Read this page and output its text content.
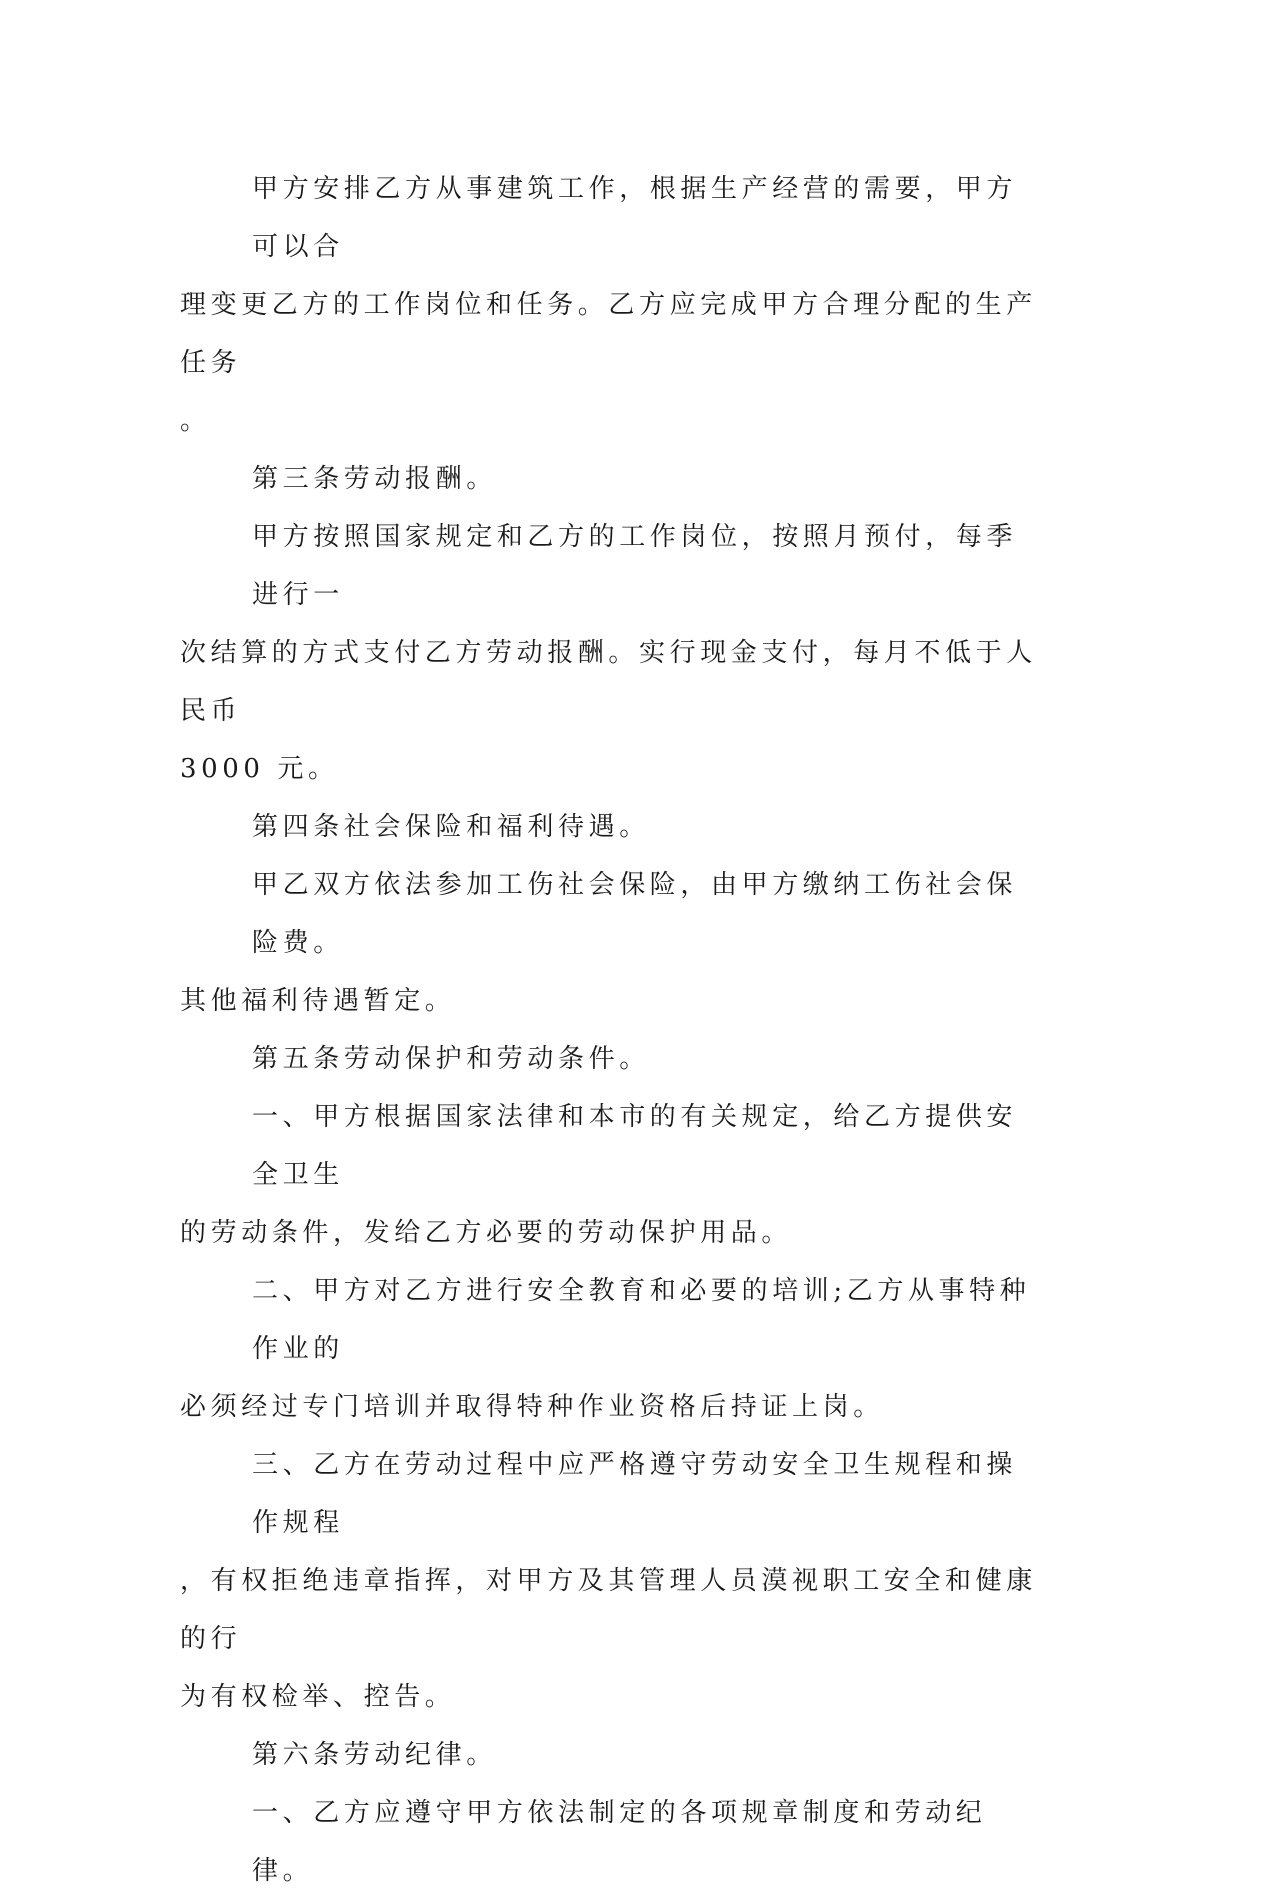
甲方安排乙方从事建筑工作，根据生产经营的需要，甲方可以合
理变更乙方的工作岗位和任务。乙方应完成甲方合理分配的生产任务
。

第三条劳动报酬。

甲方按照国家规定和乙方的工作岗位，按照月预付，每季进行一
次结算的方式支付乙方劳动报酬。实行现金支付，每月不低于人民币
3000 元。

第四条社会保险和福利待遇。

甲乙双方依法参加工伤社会保险，由甲方缴纳工伤社会保险费。
其他福利待遇暂定。

第五条劳动保护和劳动条件。

一、甲方根据国家法律和本市的有关规定，给乙方提供安全卫生
的劳动条件，发给乙方必要的劳动保护用品。

二、甲方对乙方进行安全教育和必要的培训;乙方从事特种作业的
必须经过专门培训并取得特种作业资格后持证上岗。

三、乙方在劳动过程中应严格遵守劳动安全卫生规程和操作规程
，有权拒绝违章指挥，对甲方及其管理人员漠视职工安全和健康的行
为有权检举、控告。

第六条劳动纪律。

一、乙方应遵守甲方依法制定的各项规章制度和劳动纪律。
